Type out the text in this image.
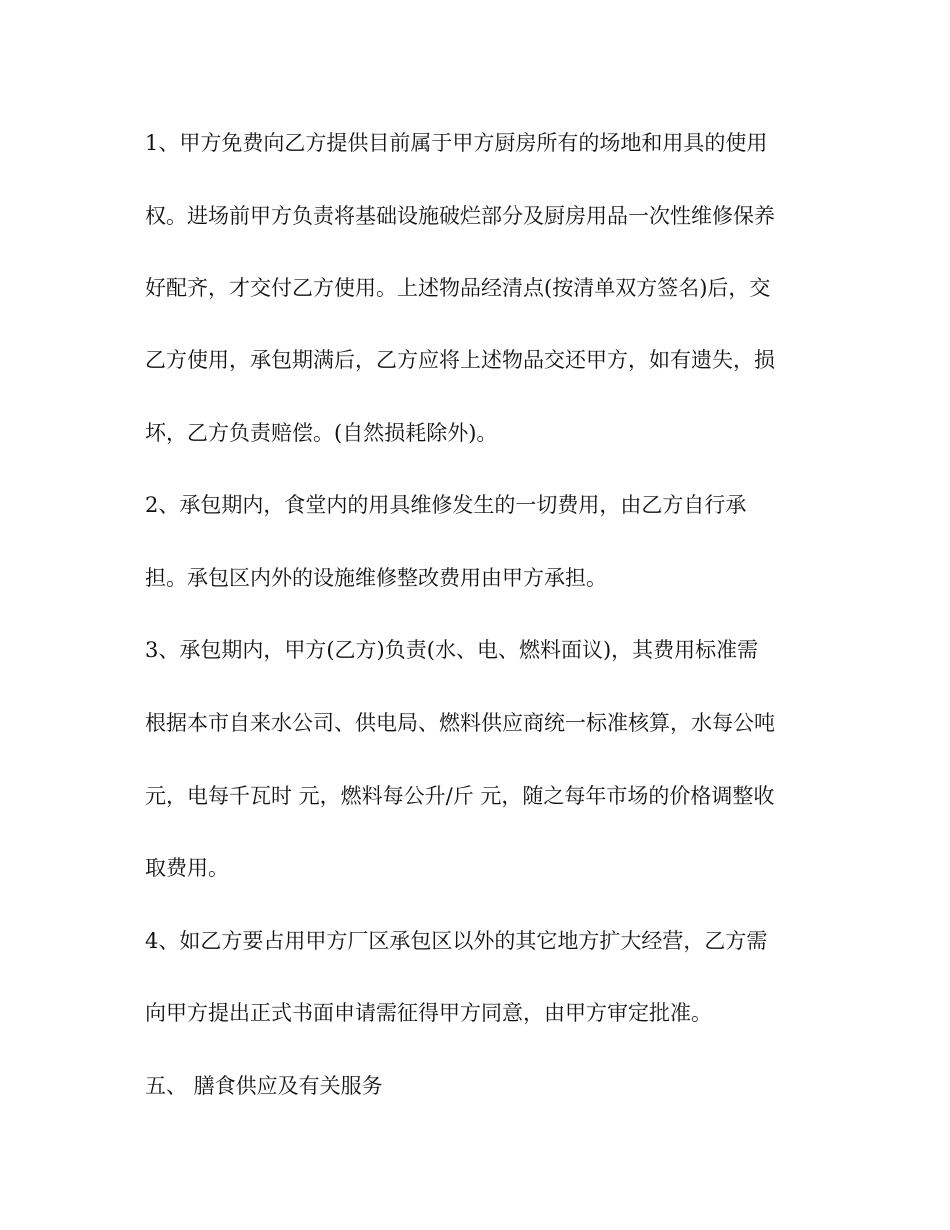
1、甲方免费向乙方提供目前属于甲方厨房所有的场地和用具的使用
权。进场前甲方负责将基础设施破烂部分及厨房用品一次性维修保养
好配齐，才交付乙方使用。上述物品经清点(按清单双方签名)后，交
乙方使用，承包期满后，乙方应将上述物品交还甲方，如有遗失，损
坏，乙方负责赔偿。(自然损耗除外)。
2、承包期内，食堂内的用具维修发生的一切费用，由乙方自行承
担。承包区内外的设施维修整改费用由甲方承担。
3、承包期内，甲方(乙方)负责(水、电、燃料面议)，其费用标准需
根据本市自来水公司、供电局、燃料供应商统一标准核算，水每公吨
元，电每千瓦时 元，燃料每公升/斤 元，随之每年市场的价格调整收
取费用。
4、如乙方要占用甲方厂区承包区以外的其它地方扩大经营，乙方需
向甲方提出正式书面申请需征得甲方同意，由甲方审定批准。
五、 膳食供应及有关服务
